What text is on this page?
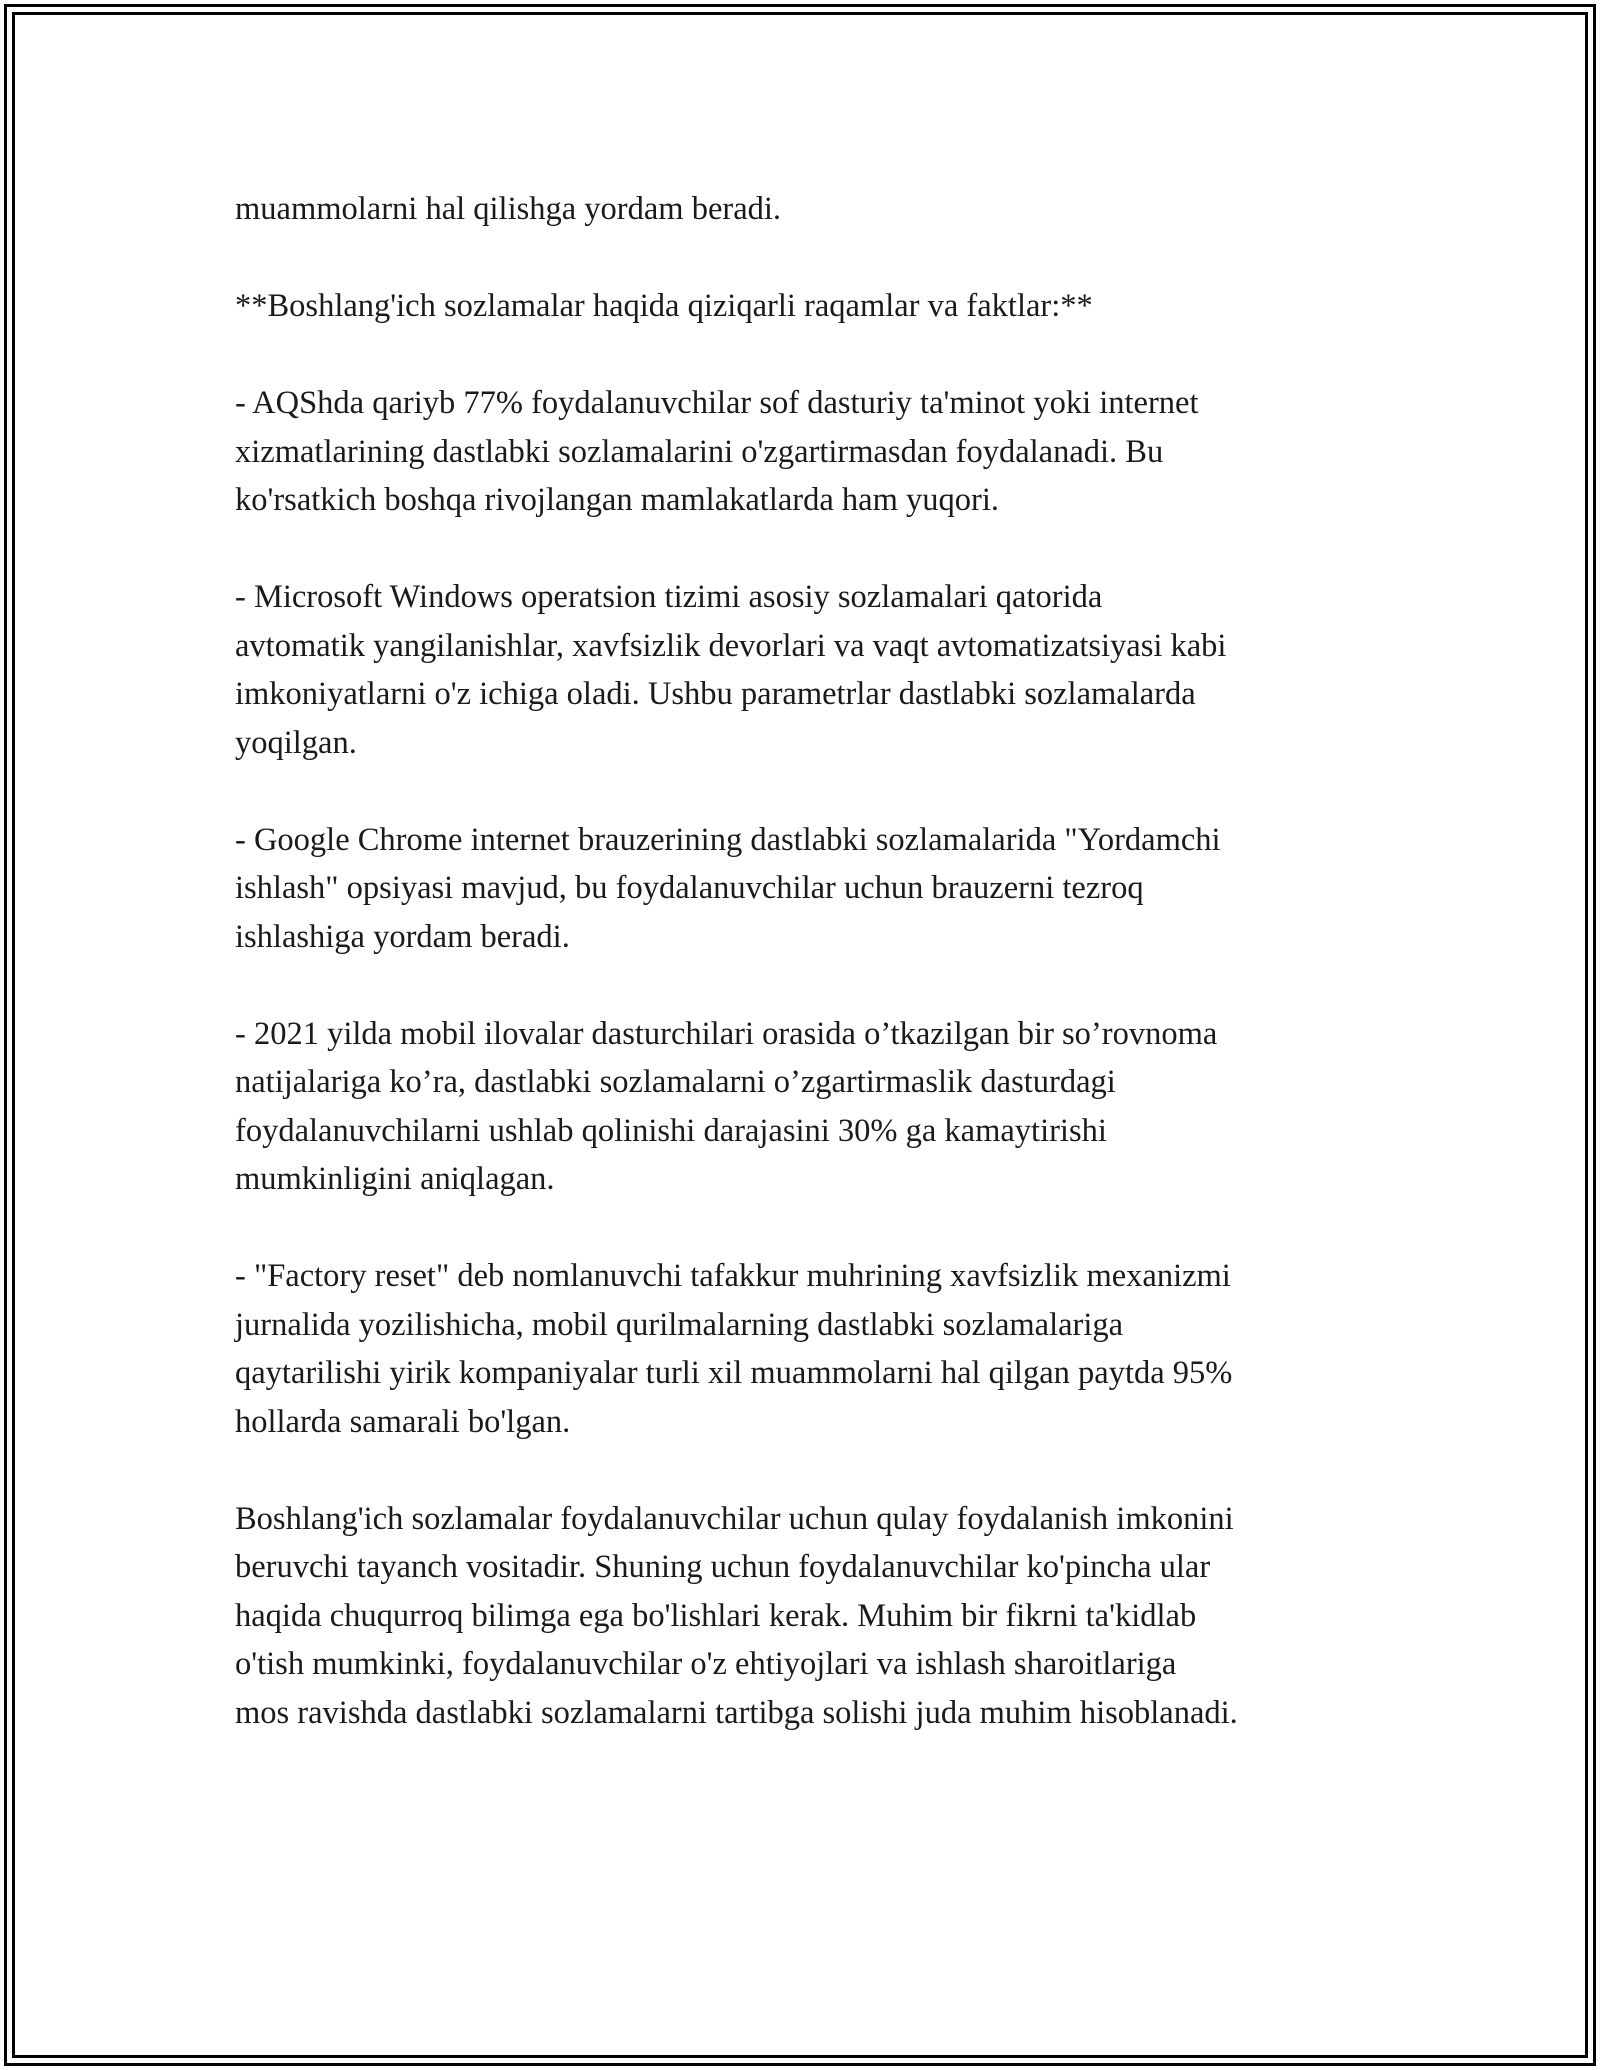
muammolarni hal qilishga yordam beradi.

**Boshlang'ich sozlamalar haqida qiziqarli raqamlar va faktlar:**

- AQShda qariyb 77% foydalanuvchilar sof dasturiy ta'minot yoki internet
xizmatlarining dastlabki sozlamalarini o'zgartirmasdan foydalanadi. Bu
ko'rsatkich boshqa rivojlangan mamlakatlarda ham yuqori.

- Microsoft Windows operatsion tizimi asosiy sozlamalari qatorida
avtomatik yangilanishlar, xavfsizlik devorlari va vaqt avtomatizatsiyasi kabi
imkoniyatlarni o'z ichiga oladi. Ushbu parametrlar dastlabki sozlamalarda
yoqilgan.

- Google Chrome internet brauzerining dastlabki sozlamalarida "Yordamchi
ishlash" opsiyasi mavjud, bu foydalanuvchilar uchun brauzerni tezroq
ishlashiga yordam beradi.

- 2021 yilda mobil ilovalar dasturchilari orasida o’tkazilgan bir so’rovnoma
natijalariga ko’ra, dastlabki sozlamalarni o’zgartirmaslik dasturdagi
foydalanuvchilarni ushlab qolinishi darajasini 30% ga kamaytirishi
mumkinligini aniqlagan.

- "Factory reset" deb nomlanuvchi tafakkur muhrining xavfsizlik mexanizmi
jurnalida yozilishicha, mobil qurilmalarning dastlabki sozlamalariga
qaytarilishi yirik kompaniyalar turli xil muammolarni hal qilgan paytda 95%
hollarda samarali bo'lgan.

Boshlang'ich sozlamalar foydalanuvchilar uchun qulay foydalanish imkonini
beruvchi tayanch vositadir. Shuning uchun foydalanuvchilar ko'pincha ular
haqida chuqurroq bilimga ega bo'lishlari kerak. Muhim bir fikrni ta'kidlab
o'tish mumkinki, foydalanuvchilar o'z ehtiyojlari va ishlash sharoitlariga
mos ravishda dastlabki sozlamalarni tartibga solishi juda muhim hisoblanadi.
